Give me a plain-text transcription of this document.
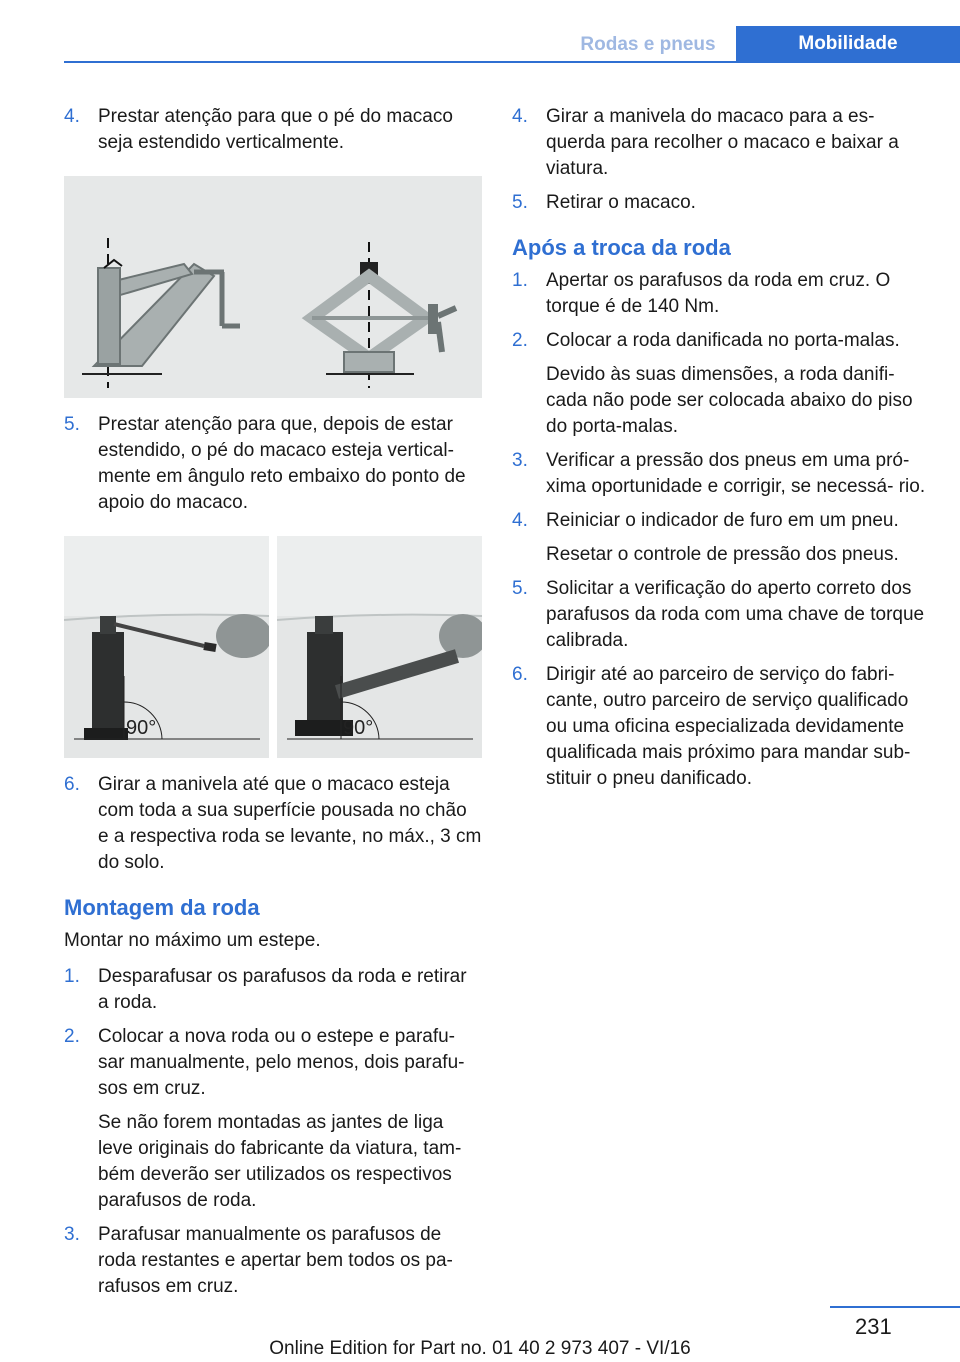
Rodas e pneus	Mobilidade
4. Prestar atenção para que o pé do macaco seja estendido verticalmente.
5. Prestar atenção para que, depois de estar estendido, o pé do macaco esteja vertical- mente em ângulo reto embaixo do ponto de apoio do macaco.
90°	90°
6. Girar a manivela até que o macaco esteja com toda a sua superfície pousada no chão e a respectiva roda se levante, no máx., 3 cm do solo.
Montagem da roda
Montar no máximo um estepe.
1. Desparafusar os parafusos da roda e retirar a roda.
2. Colocar a nova roda ou o estepe e parafu- sar manualmente, pelo menos, dois parafu- sos em cruz.
Se não forem montadas as jantes de liga leve originais do fabricante da viatura, tam- bém deverão ser utilizados os respectivos parafusos de roda.
3. Parafusar manualmente os parafusos de roda restantes e apertar bem todos os pa- rafusos em cruz.
4. Girar a manivela do macaco para a es- querda para recolher o macaco e baixar a viatura.
5. Retirar o macaco.
Após a troca da roda
1. Apertar os parafusos da roda em cruz. O torque é de 140 Nm.
2. Colocar a roda danificada no porta-malas.
Devido às suas dimensões, a roda danifi- cada não pode ser colocada abaixo do piso do porta-malas.
3. Verificar a pressão dos pneus em uma pró- xima oportunidade e corrigir, se necessá- rio.
4. Reiniciar o indicador de furo em um pneu.
Resetar o controle de pressão dos pneus.
5. Solicitar a verificação do aperto correto dos parafusos da roda com uma chave de torque calibrada.
6. Dirigir até ao parceiro de serviço do fabri- cante, outro parceiro de serviço qualificado ou uma oficina especializada devidamente qualificada mais próximo para mandar sub- stituir o pneu danificado.
231
Online Edition for Part no. 01 40 2 973 407 - VI/16
